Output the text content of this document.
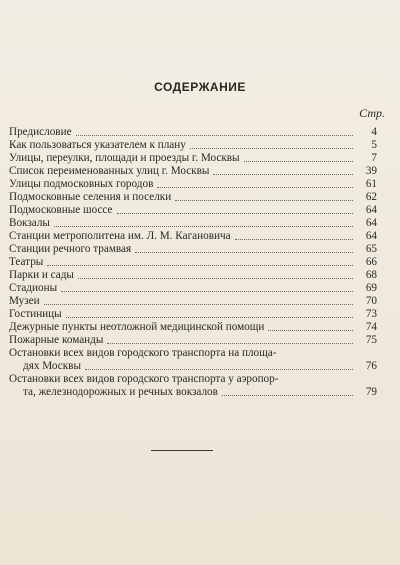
СОДЕРЖАНИЕ
Стр.
Предисловие	4
Как пользоваться указателем к плану	5
Улицы, переулки, площади и проезды г. Москвы	7
Список переименованных улиц г. Москвы	39
Улицы подмосковных городов	61
Подмосковные селения и поселки	62
Подмосковные шоссе	64
Вокзалы	64
Станции метрополитена им. Л. М. Кагановича	64
Станции речного трамвая	65
Театры	66
Парки и сады	68
Стадионы	69
Музеи	70
Гостиницы	73
Дежурные пункты неотложной медицинской помощи	74
Пожарные команды	75
Остановки всех видов городского транспорта на площа-
дях Москвы	76
Остановки всех видов городского транспорта у аэропор-
та, железнодорожных и речных вокзалов	79
